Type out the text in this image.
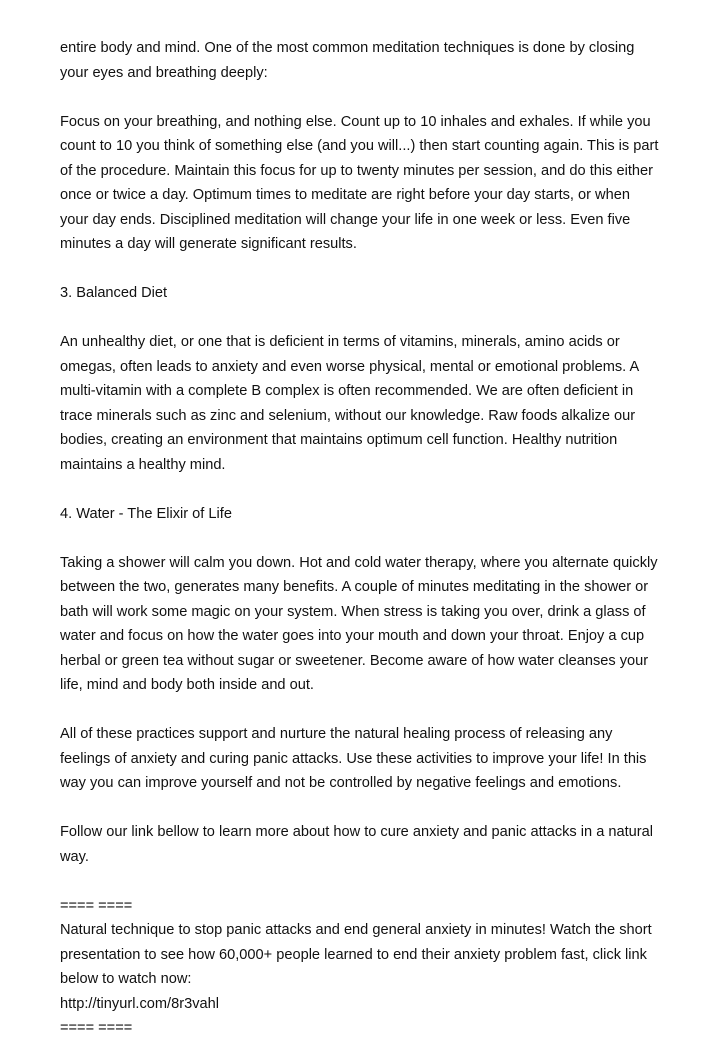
entire body and mind. One of the most common meditation techniques is done by closing
your eyes and breathing deeply:

Focus on your breathing, and nothing else. Count up to 10 inhales and exhales. If while you
count to 10 you think of something else (and you will...) then start counting again. This is part
of the procedure. Maintain this focus for up to twenty minutes per session, and do this either
once or twice a day. Optimum times to meditate are right before your day starts, or when
your day ends. Disciplined meditation will change your life in one week or less. Even five
minutes a day will generate significant results.

3. Balanced Diet

An unhealthy diet, or one that is deficient in terms of vitamins, minerals, amino acids or
omegas, often leads to anxiety and even worse physical, mental or emotional problems. A
multi-vitamin with a complete B complex is often recommended. We are often deficient in
trace minerals such as zinc and selenium, without our knowledge. Raw foods alkalize our
bodies, creating an environment that maintains optimum cell function. Healthy nutrition
maintains a healthy mind.

4. Water - The Elixir of Life

Taking a shower will calm you down. Hot and cold water therapy, where you alternate quickly
between the two, generates many benefits. A couple of minutes meditating in the shower or
bath will work some magic on your system. When stress is taking you over, drink a glass of
water and focus on how the water goes into your mouth and down your throat. Enjoy a cup
herbal or green tea without sugar or sweetener. Become aware of how water cleanses your
life, mind and body both inside and out.

All of these practices support and nurture the natural healing process of releasing any
feelings of anxiety and curing panic attacks. Use these activities to improve your life! In this
way you can improve yourself and not be controlled by negative feelings and emotions.

Follow our link bellow to learn more about how to cure anxiety and panic attacks in a natural
way.

==== ====
Natural technique to stop panic attacks and end general anxiety in minutes! Watch the short
presentation to see how 60,000+ people learned to end their anxiety problem fast, click link
below to watch now:
http://tinyurl.com/8r3vahl
==== ====
